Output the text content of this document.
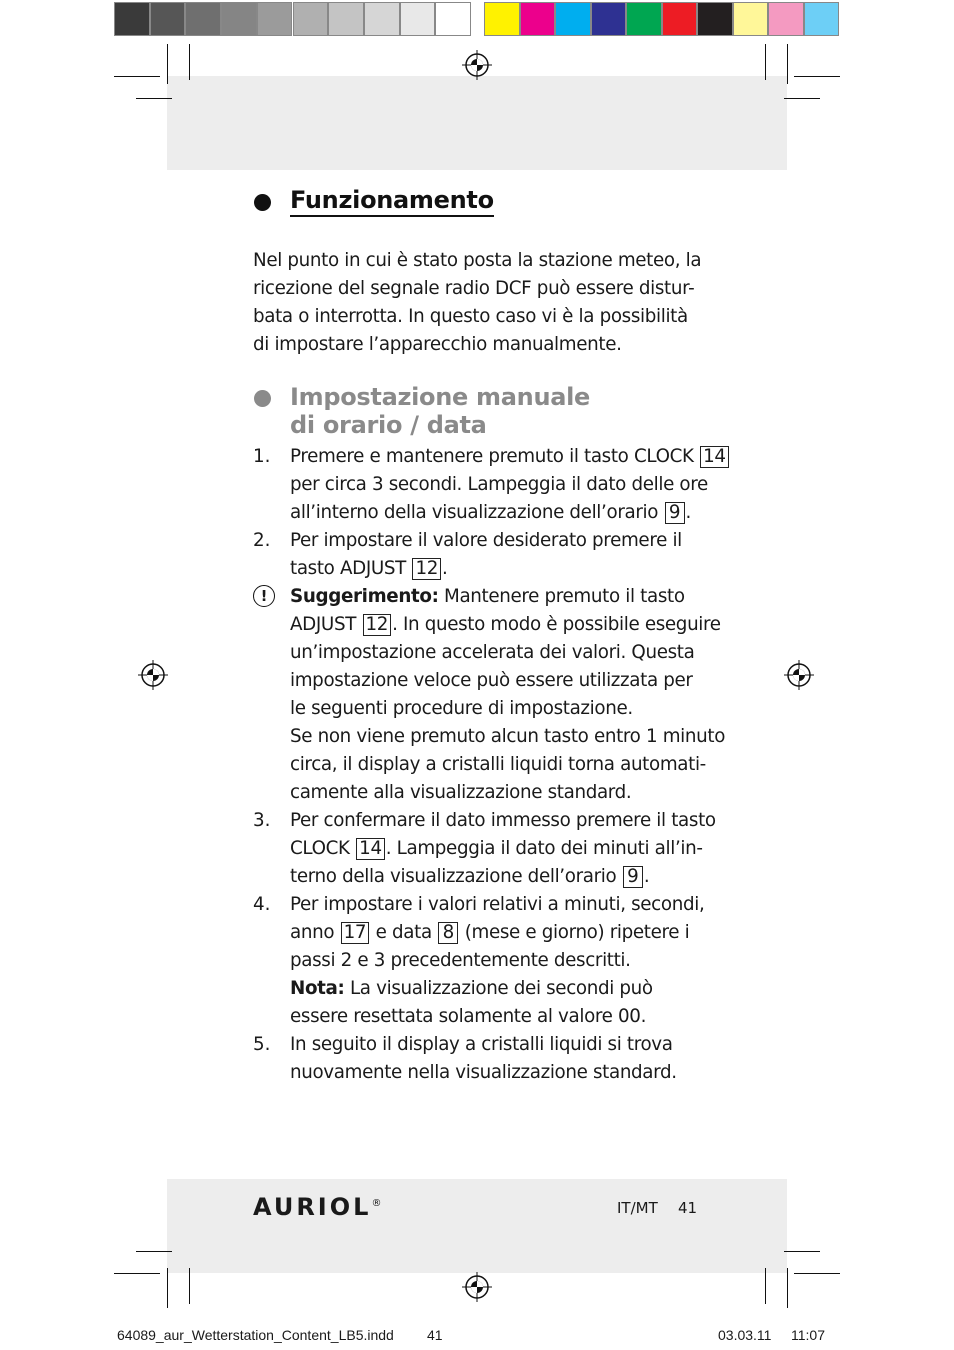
Funzionamento
Nel punto in cui è stato posta la stazione meteo, la
ricezione del segnale radio DCF può essere distur-
bata o interrotta. In questo caso vi è la possibilità
di impostare l’apparecchio manualmente.
Impostazione manuale
di orario / data
1. Premere e mantenere premuto il tasto CLOCK 14
per circa 3 secondi. Lampeggia il dato delle ore
all’interno della visualizzazione dell’orario 9 .
2. Per impostare il valore desiderato premere il
tasto ADJUST 12 .
!	Suggerimento: Mantenere premuto il tasto
ADJUST 12 . In questo modo è possibile eseguire
un’impostazione accelerata dei valori. Questa
impostazione veloce può essere utilizzata per
le seguenti procedure di impostazione.
Se non viene premuto alcun tasto entro 1 minuto
circa, il display a cristalli liquidi torna automati-
camente alla visualizzazione standard.
3. Per confermare il dato immesso premere il tasto
CLOCK 14 . Lampeggia il dato dei minuti all’in-
terno della visualizzazione dell’orario 9 .
4. Per impostare i valori relativi a minuti, secondi,
anno 17 e data 8 (mese e giorno) ripetere i
passi 2 e 3 precedentemente descritti.
Nota: La visualizzazione dei secondi può
essere resettata solamente al valore 00.
5. In seguito il display a cristalli liquidi si trova
nuovamente nella visualizzazione standard.
AURIOL®	IT/MT 41
64089_aur_Wetterstation_Content_LB5.indd 41	03.03.11 11:07
